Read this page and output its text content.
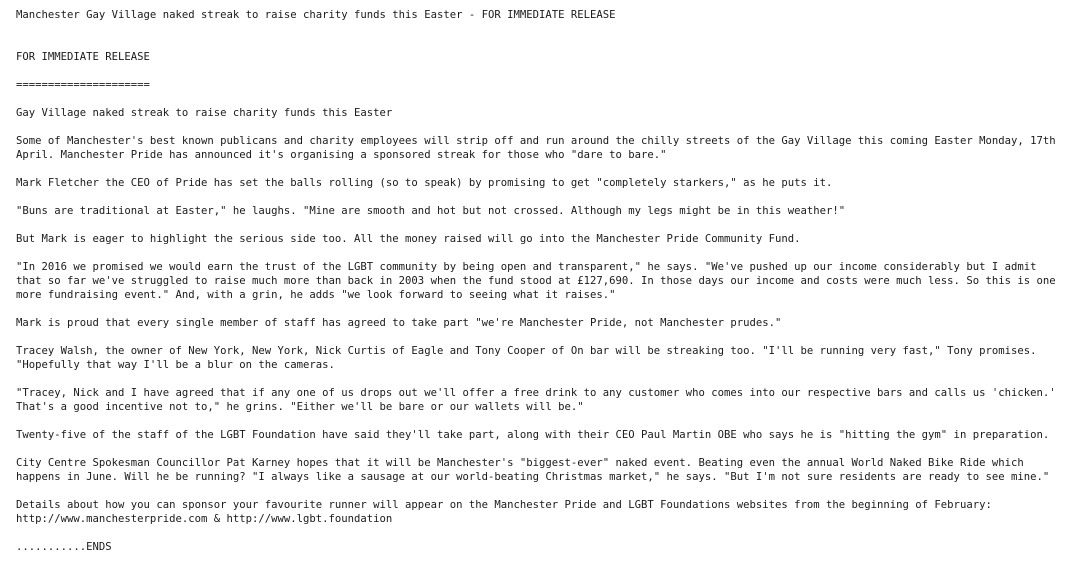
Manchester Gay Village naked streak to raise charity funds this Easter - FOR IMMEDIATE RELEASE
FOR IMMEDIATE RELEASE
=====================
Gay Village naked streak to raise charity funds this Easter
Some of Manchester's best known publicans and charity employees will strip off and run around the chilly streets of the Gay Village this coming Easter Monday, 17th April. Manchester Pride has announced it's organising a sponsored streak for those who "dare to bare."
Mark Fletcher the CEO of Pride has set the balls rolling (so to speak) by promising to get "completely starkers," as he puts it.
"Buns are traditional at Easter," he laughs. "Mine are smooth and hot but not crossed. Although my legs might be in this weather!"
But Mark is eager to highlight the serious side too. All the money raised will go into the Manchester Pride Community Fund.
"In 2016 we promised we would earn the trust of the LGBT community by being open and transparent," he says. "We've pushed up our income considerably but I admit that so far we've struggled to raise much more than back in 2003 when the fund stood at £127,690. In those days our income and costs were much less. So this is one more fundraising event." And, with a grin, he adds "we look forward to seeing what it raises."
Mark is proud that every single member of staff has agreed to take part "we're Manchester Pride, not Manchester prudes."
Tracey Walsh, the owner of New York, New York, Nick Curtis of Eagle and Tony Cooper of On bar will be streaking too. "I'll be running very fast," Tony promises. "Hopefully that way I'll be a blur on the cameras.
"Tracey, Nick and I have agreed that if any one of us drops out we'll offer a free drink to any customer who comes into our respective bars and calls us 'chicken.' That's a good incentive not to," he grins. "Either we'll be bare or our wallets will be."
Twenty-five of the staff of the LGBT Foundation have said they'll take part, along with their CEO Paul Martin OBE who says he is "hitting the gym" in preparation.
City Centre Spokesman Councillor Pat Karney hopes that it will be Manchester's "biggest-ever" naked event. Beating even the annual World Naked Bike Ride which happens in June. Will he be running? "I always like a sausage at our world-beating Christmas market," he says. "But I'm not sure residents are ready to see mine."
Details about how you can sponsor your favourite runner will appear on the Manchester Pride and LGBT Foundations websites from the beginning of February: http://www.manchesterpride.com & http://www.lgbt.foundation
...........ENDS
